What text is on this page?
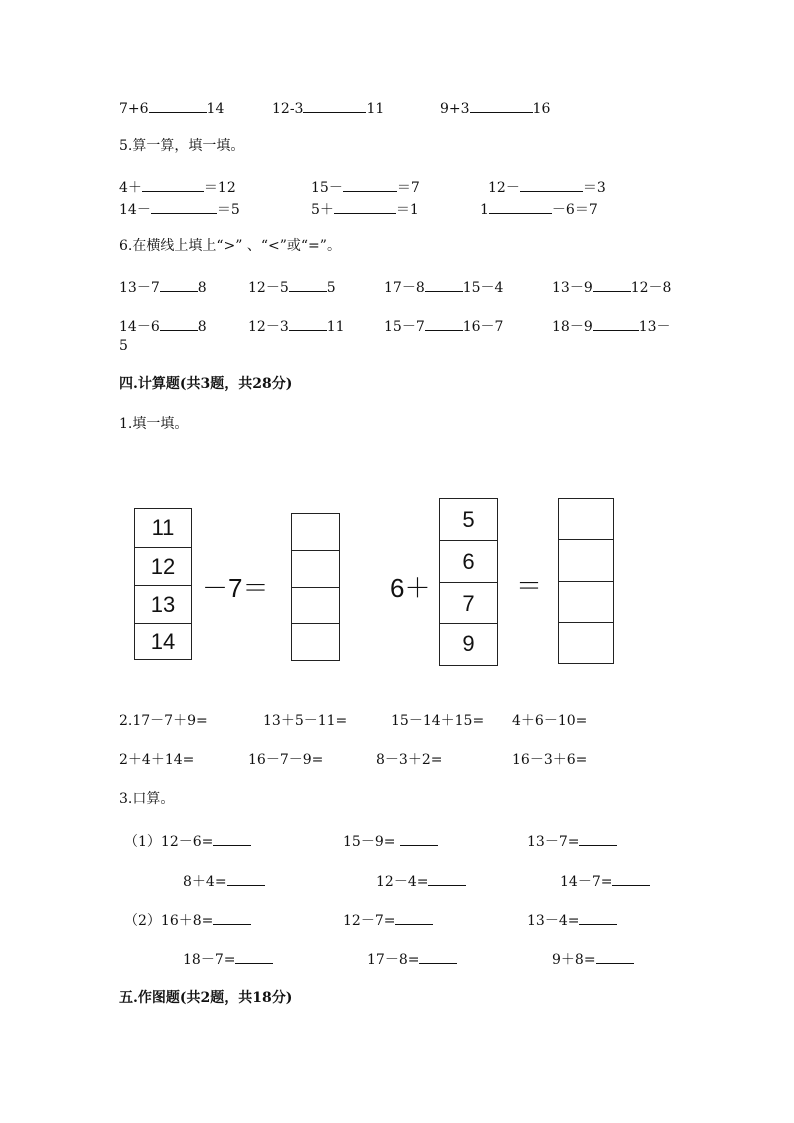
7+6	14	12-3	11	9+3	16
5.算一算，填一填。
4＋	＝12	15－	＝7	12－	＝3
14－	＝5	5＋	＝1	1	－6＝7
6.在横线上填上“>” 、“<”或“=”。
13－7	8	12－5	5	17－8	15－4	13－9	12－8
14－6	8	12－3	11	15－7	16－7	18－9	13－
5
四.计算题(共3题，共28分)
1.填一填。
11
12
13
14
－7＝	6＋
5
6
7
9
＝
2.17－7＋9=	13＋5－11=	15－14＋15= 4＋6－10=
2＋4＋14=	16－7－9=	8－3＋2=	16－3＋6=
3.口算。
（1）12－6=	15－9=	13－7=
8＋4=	12－4=	14－7=
（2）16＋8=	12－7=	13－4=
18－7=	17－8=	9＋8=
五.作图题(共2题，共18分)
